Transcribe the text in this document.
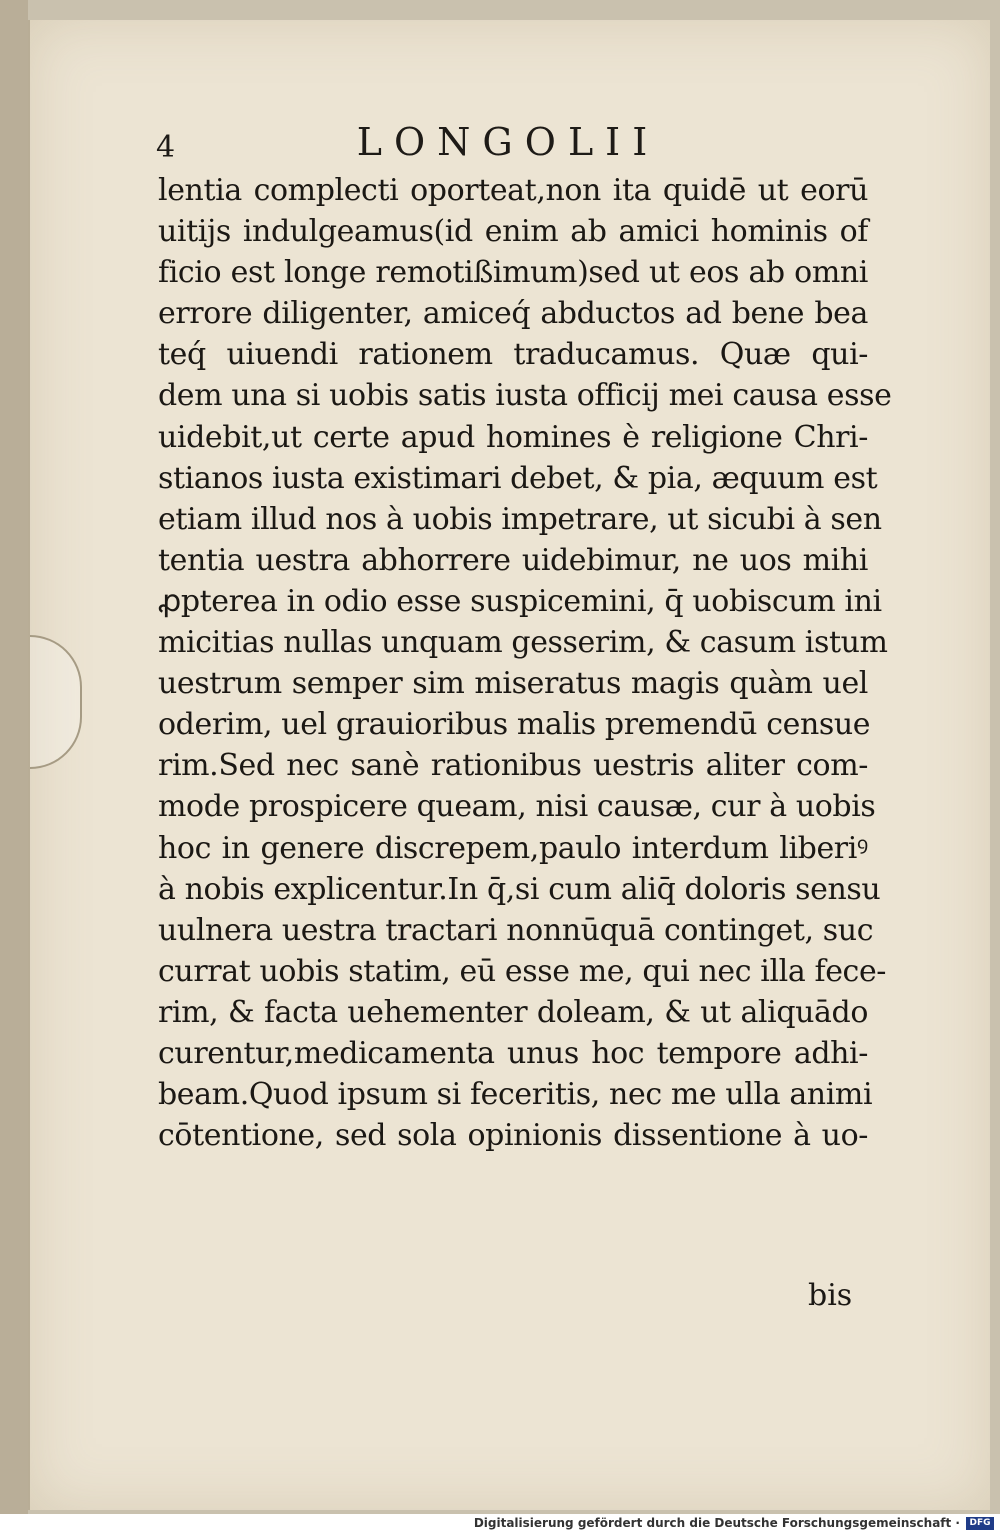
4	LONGOLII
lentia complecti oporteat,non ita quidē ut eorū
uitijs indulgeamus(id enim ab amici hominis of
ficio est longe remotißimum)sed ut eos ab omni
errore diligenter, amiceq́ abductos ad bene bea
teq́ uiuendi rationem traducamus. Quæ qui-
dem una si uobis satis iusta officij mei causa esse
uidebit,ut certe apud homines è religione Chri-
stianos iusta existimari debet, & pia, æquum est
etiam illud nos à uobis impetrare, ut sicubi à sen
tentia uestra abhorrere uidebimur, ne uos mihi
ꝓpterea in odio esse suspicemini, q̄ uobiscum ini
micitias nullas unquam gesserim, & casum istum
uestrum semper sim miseratus magis quàm uel
oderim, uel grauioribus malis premendū censue
rim.Sed nec sanè rationibus uestris aliter com-
mode prospicere queam, nisi causæ, cur à uobis
hoc in genere discrepem,paulo interdum liberiꝰ
à nobis explicentur.In q̄,si cum aliq̄ doloris sensu
uulnera uestra tractari nonnūquā continget, suc
currat uobis statim, eū esse me, qui nec illa fece-
rim, & facta uehementer doleam, & ut aliquādo
curentur,medicamenta unus hoc tempore adhi-
beam.Quod ipsum si feceritis, nec me ulla animi
cōtentione, sed sola opinionis dissentione à uo-
bis
Digitalisierung gefördert durch die Deutsche Forschungsgemeinschaft ·	DFG
